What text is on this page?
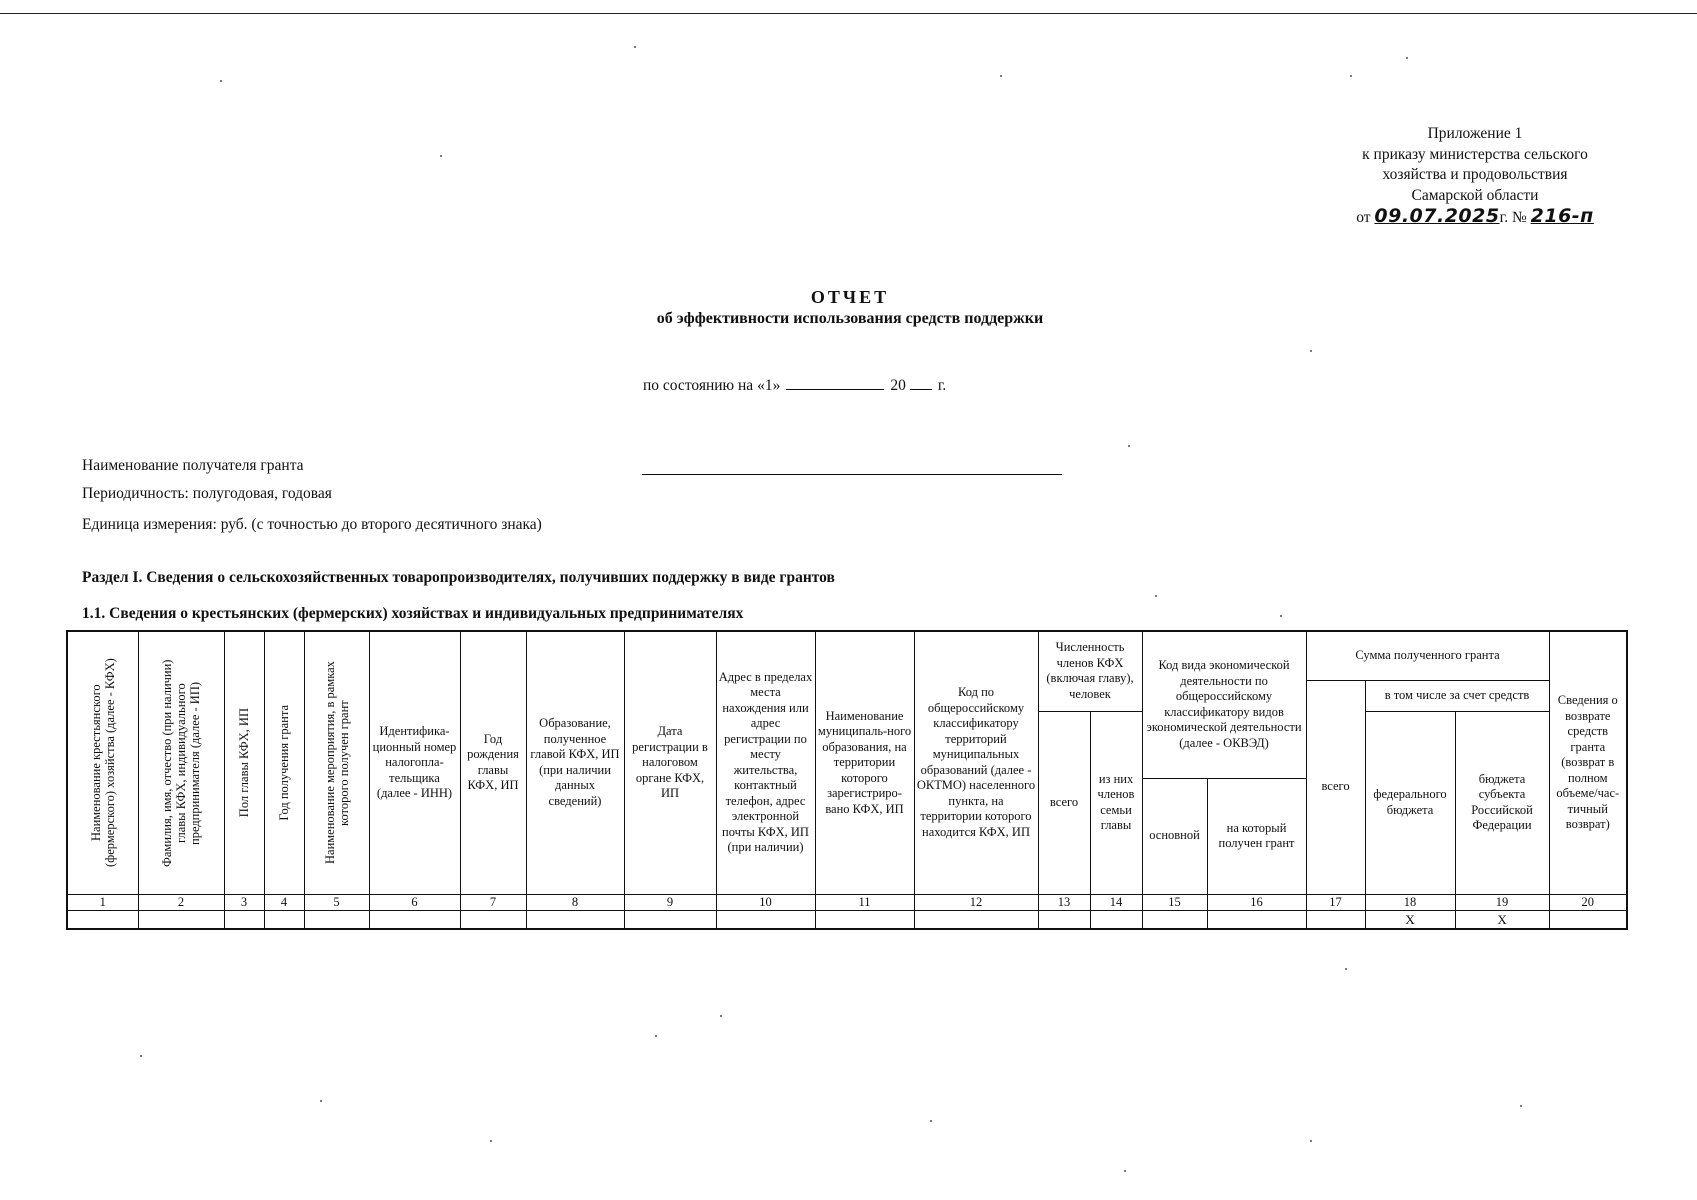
Приложение 1
к приказу министерства сельского
хозяйства и продовольствия
Самарской области
от 09.07.2025г. № 216-п
ОТЧЕТ
об эффективности использования средств поддержки
по состоянию на «1»	20 г.
Наименование получателя гранта
Периодичность: полугодовая, годовая
Единица измерения: руб. (с точностью до второго десятичного знака)
Раздел I. Сведения о сельскохозяйственных товаропроизводителях, получивших поддержку в виде грантов
1.1. Сведения о крестьянских (фермерских) хозяйствах и индивидуальных предпринимателях
Наименование крестьянского (фермерского) хозяйства (далее - КФХ)	Фамилия, имя, отчество (при наличии) главы КФХ, индивидуального предпринимателя (далее - ИП)	Пол главы КФХ, ИП	Год получения гранта	Наименование мероприятия, в рамках которого получен грант	Идентифика-ционный номер налогопла-тельщика (далее - ИНН)	Год рождения главы КФХ, ИП	Образование, полученное главой КФХ, ИП (при наличии данных сведений)	Дата регистрации в налоговом органе КФХ, ИП	Адрес в пределах места нахождения или адрес регистрации по месту жительства, контактный телефон, адрес электронной почты КФХ, ИП (при наличии)	Наименование муниципаль-ного образования, на территории которого зарегистриро-вано КФХ, ИП	Код по общероссийскому классификатору территорий муниципальных образований (далее - ОКТМО) населенного пункта, на территории которого находится КФХ, ИП	Численность членов КФХ (включая главу), человек		Код вида экономической деятельности по общероссийскому классификатору видов экономической деятельности (далее - ОКВЭД)		Сумма полученного гранта			Сведения о возврате средств гранта (возврат в полном объеме/час-тичный возврат)
																всего	в том числе за счет средств		
												всего	из них членов семьи главы				федерального бюджета	бюджета субъекта Российской Федерации	
														основной	на который получен грант				
1	2	3	4	5	6	7	8	9	10	11	12	13	14	15	16	17	18	19	20
																	X	X	
